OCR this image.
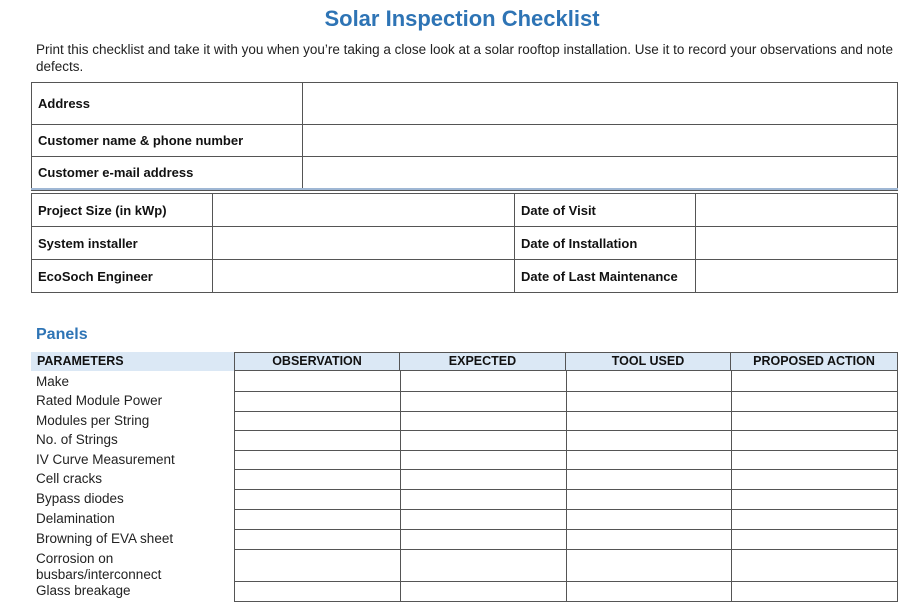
Solar Inspection Checklist
Print this checklist and take it with you when you’re taking a close look at a solar rooftop installation. Use it to record your observations and note defects.
Address	
Customer name & phone number	
Customer e-mail address	
Project Size (in kWp)		Date of Visit	
System installer		Date of Installation	
EcoSoch Engineer		Date of Last Maintenance	
Panels
PARAMETERS	OBSERVATION	EXPECTED	TOOL USED	PROPOSED ACTION
Make
Rated Module Power
Modules per String
No. of Strings
IV Curve Measurement
Cell cracks
Bypass diodes
Delamination
Browning of EVA sheet
Corrosion on busbars/interconnect
Glass breakage
